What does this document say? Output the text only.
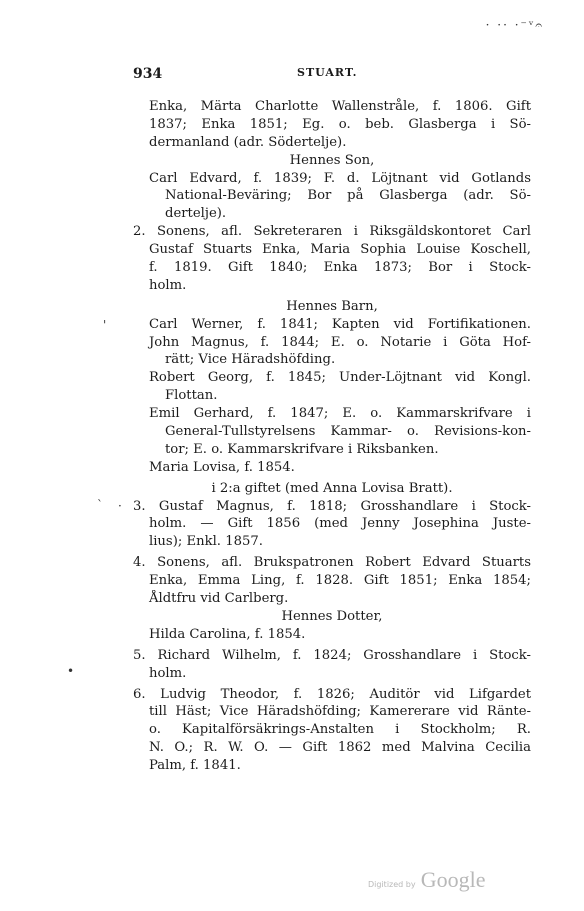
934	STUART.
· ·· ·⁻ᵛ𝄐
Enka, Märta Charlotte Wallenstråle, f. 1806. Gift
1837; Enka 1851; Eg. o. beb. Glasberga i Sö-
dermanland (adr. Södertelje).
Hennes Son,
Carl Edvard, f. 1839; F. d. Löjtnant vid Gotlands
National-Beväring; Bor på Glasberga (adr. Sö-
dertelje).
2. Sonens, afl. Sekreteraren i Riksgäldskontoret Carl
Gustaf Stuarts Enka, Maria Sophia Louise Koschell,
f. 1819. Gift 1840; Enka 1873; Bor i Stock-
holm.
Hennes Barn,
Carl Werner, f. 1841; Kapten vid Fortifikationen.
John Magnus, f. 1844; E. o. Notarie i Göta Hof-
rätt; Vice Häradshöfding.
Robert Georg, f. 1845; Under-Löjtnant vid Kongl.
Flottan.
Emil Gerhard, f. 1847; E. o. Kammarskrifvare i
General-Tullstyrelsens Kammar- o. Revisions-kon-
tor; E. o. Kammarskrifvare i Riksbanken.
Maria Lovisa, f. 1854.
i 2:a giftet (med Anna Lovisa Bratt).
3. Gustaf Magnus, f. 1818; Grosshandlare i Stock-
holm. — Gift 1856 (med Jenny Josephina Juste-
lius); Enkl. 1857.
4. Sonens, afl. Brukspatronen Robert Edvard Stuarts
Enka, Emma Ling, f. 1828. Gift 1851; Enka 1854;
Åldtfru vid Carlberg.
Hennes Dotter,
Hilda Carolina, f. 1854.
5. Richard Wilhelm, f. 1824; Grosshandlare i Stock-
holm.
6. Ludvig Theodor, f. 1826; Auditör vid Lifgardet
till Häst; Vice Häradshöfding; Kamererare vid Ränte-
o. Kapitalförsäkrings-Anstalten i Stockholm; R.
N. O.; R. W. O. — Gift 1862 med Malvina Cecilia
Palm, f. 1841.
'
` ·
•
Digitized by Google
